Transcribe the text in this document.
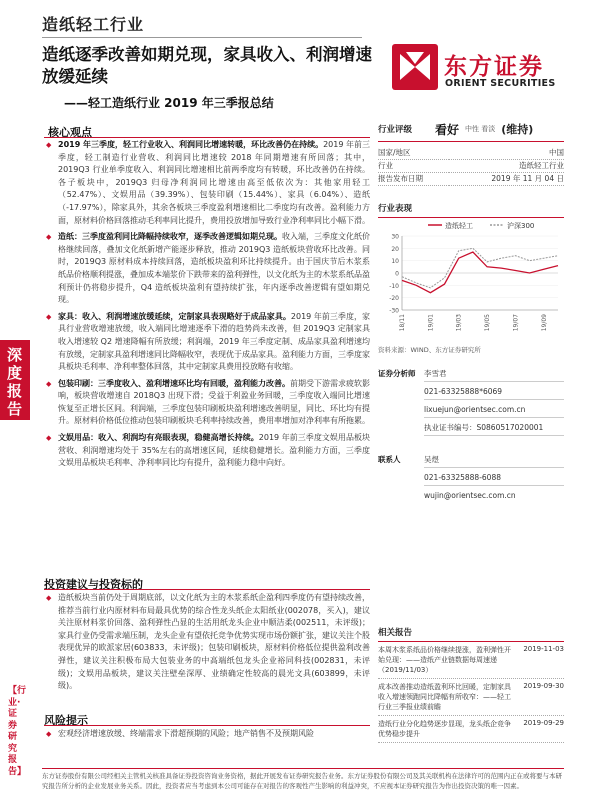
造纸轻工行业
造纸逐季改善如期兑现，家具收入、利润增速放缓延续
——轻工造纸行业 2019 年三季报总结
东方证券
ORIENT SECURITIES
深度报告
【行业·证券研究报告】
核心观点
◆ 2019 年三季度，轻工行业收入、利润同比增速转暖，环比改善仍在持续。2019 年前三季度，轻工制造行业营收、利润同比增速较 2018 年同期增速有所回落；其中，2019Q3 行业单季度收入、利润同比增速相比前两季度均有转暖，环比改善仍在持续。各子板块中，2019Q3 归母净利润同比增速由高至低依次为：其他家用轻工（52.47%）、文娱用品（39.39%）、包装印刷（15.44%）、家具（6.04%）、造纸（-17.97%），除家具外，其余各板块三季度盈利增速相比二季度均有改善。盈利能力方面，原材料价格回落推动毛利率同比提升，费用投放增加导致行业净利率同比小幅下滑。
◆ 造纸：三季度盈利同比降幅持续收窄，逐季改善逻辑如期兑现。收入端，三季度文化纸价格继续回落，叠加文化纸新增产能逐步释放，推动 2019Q3 造纸板块营收环比改善。同时，2019Q3 原材料成本持续回落，造纸板块盈利环比持续提升。由于国庆节后木浆系纸品价格顺利提涨，叠加成本端浆价下跌带来的盈利弹性，以文化纸为主的木浆系纸品盈利预计仍将稳步提升，Q4 造纸板块盈利有望持续扩张，年内逐季改善逻辑有望如期兑现。
◆ 家具：收入、利润增速放缓延续，定制家具表现略好于成品家具。2019 年前三季度，家具行业营收增速放缓，收入端同比增速逐季下滑的趋势尚未改善，但 2019Q3 定制家具收入增速较 Q2 增速降幅有所放缓；利润端，2019 年三季度定制、成品家具盈利增速均有放缓，定制家具盈利增速同比降幅收窄，表现优于成品家具。盈利能力方面，三季度家具板块毛利率、净利率整体回落，其中定制家具费用投放略有收缩。
◆ 包装印刷：三季度收入、盈利增速环比均有回暖，盈利能力改善。前期受下游需求疲软影响，板块营收增速自 2018Q3 出现下滑；受益于利盈业务回暖，三季度收入端同比增速恢复至正增长区间。利润端，三季度包装印刷板块盈利增速改善明显，同比、环比均有提升。原材料价格低位推动包装印刷板块毛利率持续改善，费用率增加对净利率有所拖累。
◆ 文娱用品：收入、利润均有亮眼表现，稳健高增长持续。2019 年前三季度文娱用品板块营收、利润增速均处于 35%左右的高增速区间，延续稳健增长。盈利能力方面，三季度文娱用品板块毛利率、净利率同比均有提升，盈利能力稳中向好。
投资建议与投资标的
◆ 造纸板块当前仍处于周期底部，以文化纸为主的木浆系纸企盈利四季度仍有望持续改善，推荐当前行业内原材料布局最具优势的综合性龙头纸企太阳纸业(002078，买入)，建议关注原材料浆价回落、盈利弹性凸显的生活用纸龙头企业中顺洁柔(002511，未评级)；家具行业仍受需求端压制，龙头企业有望依托竞争优势实现市场份额扩张，建议关注个股表现优异的欧派家居(603833，未评级)；包装印刷板块，原材料价格低位提供盈利改善弹性，建议关注积极布局大包装业务的中高端纸包龙头企业裕同科技(002831，未评级)；文娱用品板块，建议关注壁垒深厚、业绩确定性较高的晨光文具(603899，未评级)。
风险提示
◆ 宏观经济增速放缓、终端需求下滑超预期的风险；地产销售不及预期风险
行业评级	看好 中性 看淡 (维持)
国家/地区	中国
行业	造纸轻工行业
报告发布日期	2019 年 11 月 04 日
行业表现
造纸轻工	沪深300
30
20
10
0
-10
-20
-30
18/11	19/01	19/03	19/05	19/07	19/09
资料来源：WIND、东方证券研究所
证券分析师	李雪君
021-63325888*6069
lixuejun@orientsec.com.cn
执业证书编号：S0860517020001
联系人	吴煜
021-63325888-6088
wujin@orientsec.com.cn
相关报告
本周木浆系纸品价格继续提涨，盈利弹性开始兑现：——造纸产业链数据每周速递（2019/11/03）
2019-11-03
成本改善推动造纸盈利环比回暖，定制家具收入增速领跑同比降幅有所收窄：——轻工行业三季报业绩前瞻
2019-09-30
造纸行业分化趋势逐步显现，龙头纸企竞争优势稳步提升
2019-09-29
东方证券股份有限公司经相关主管机关核准具备证券投资咨询业务资格，据此开展发布证券研究报告业务。东方证券股份有限公司及其关联机构在法律许可的范围内正在或将要与本研究报告所分析的企业发展业务关系。因此，投资者应当考虑到本公司可能存在对报告的客观性产生影响的利益冲突，不应视本证券研究报告为作出投资决策的唯一因素。
